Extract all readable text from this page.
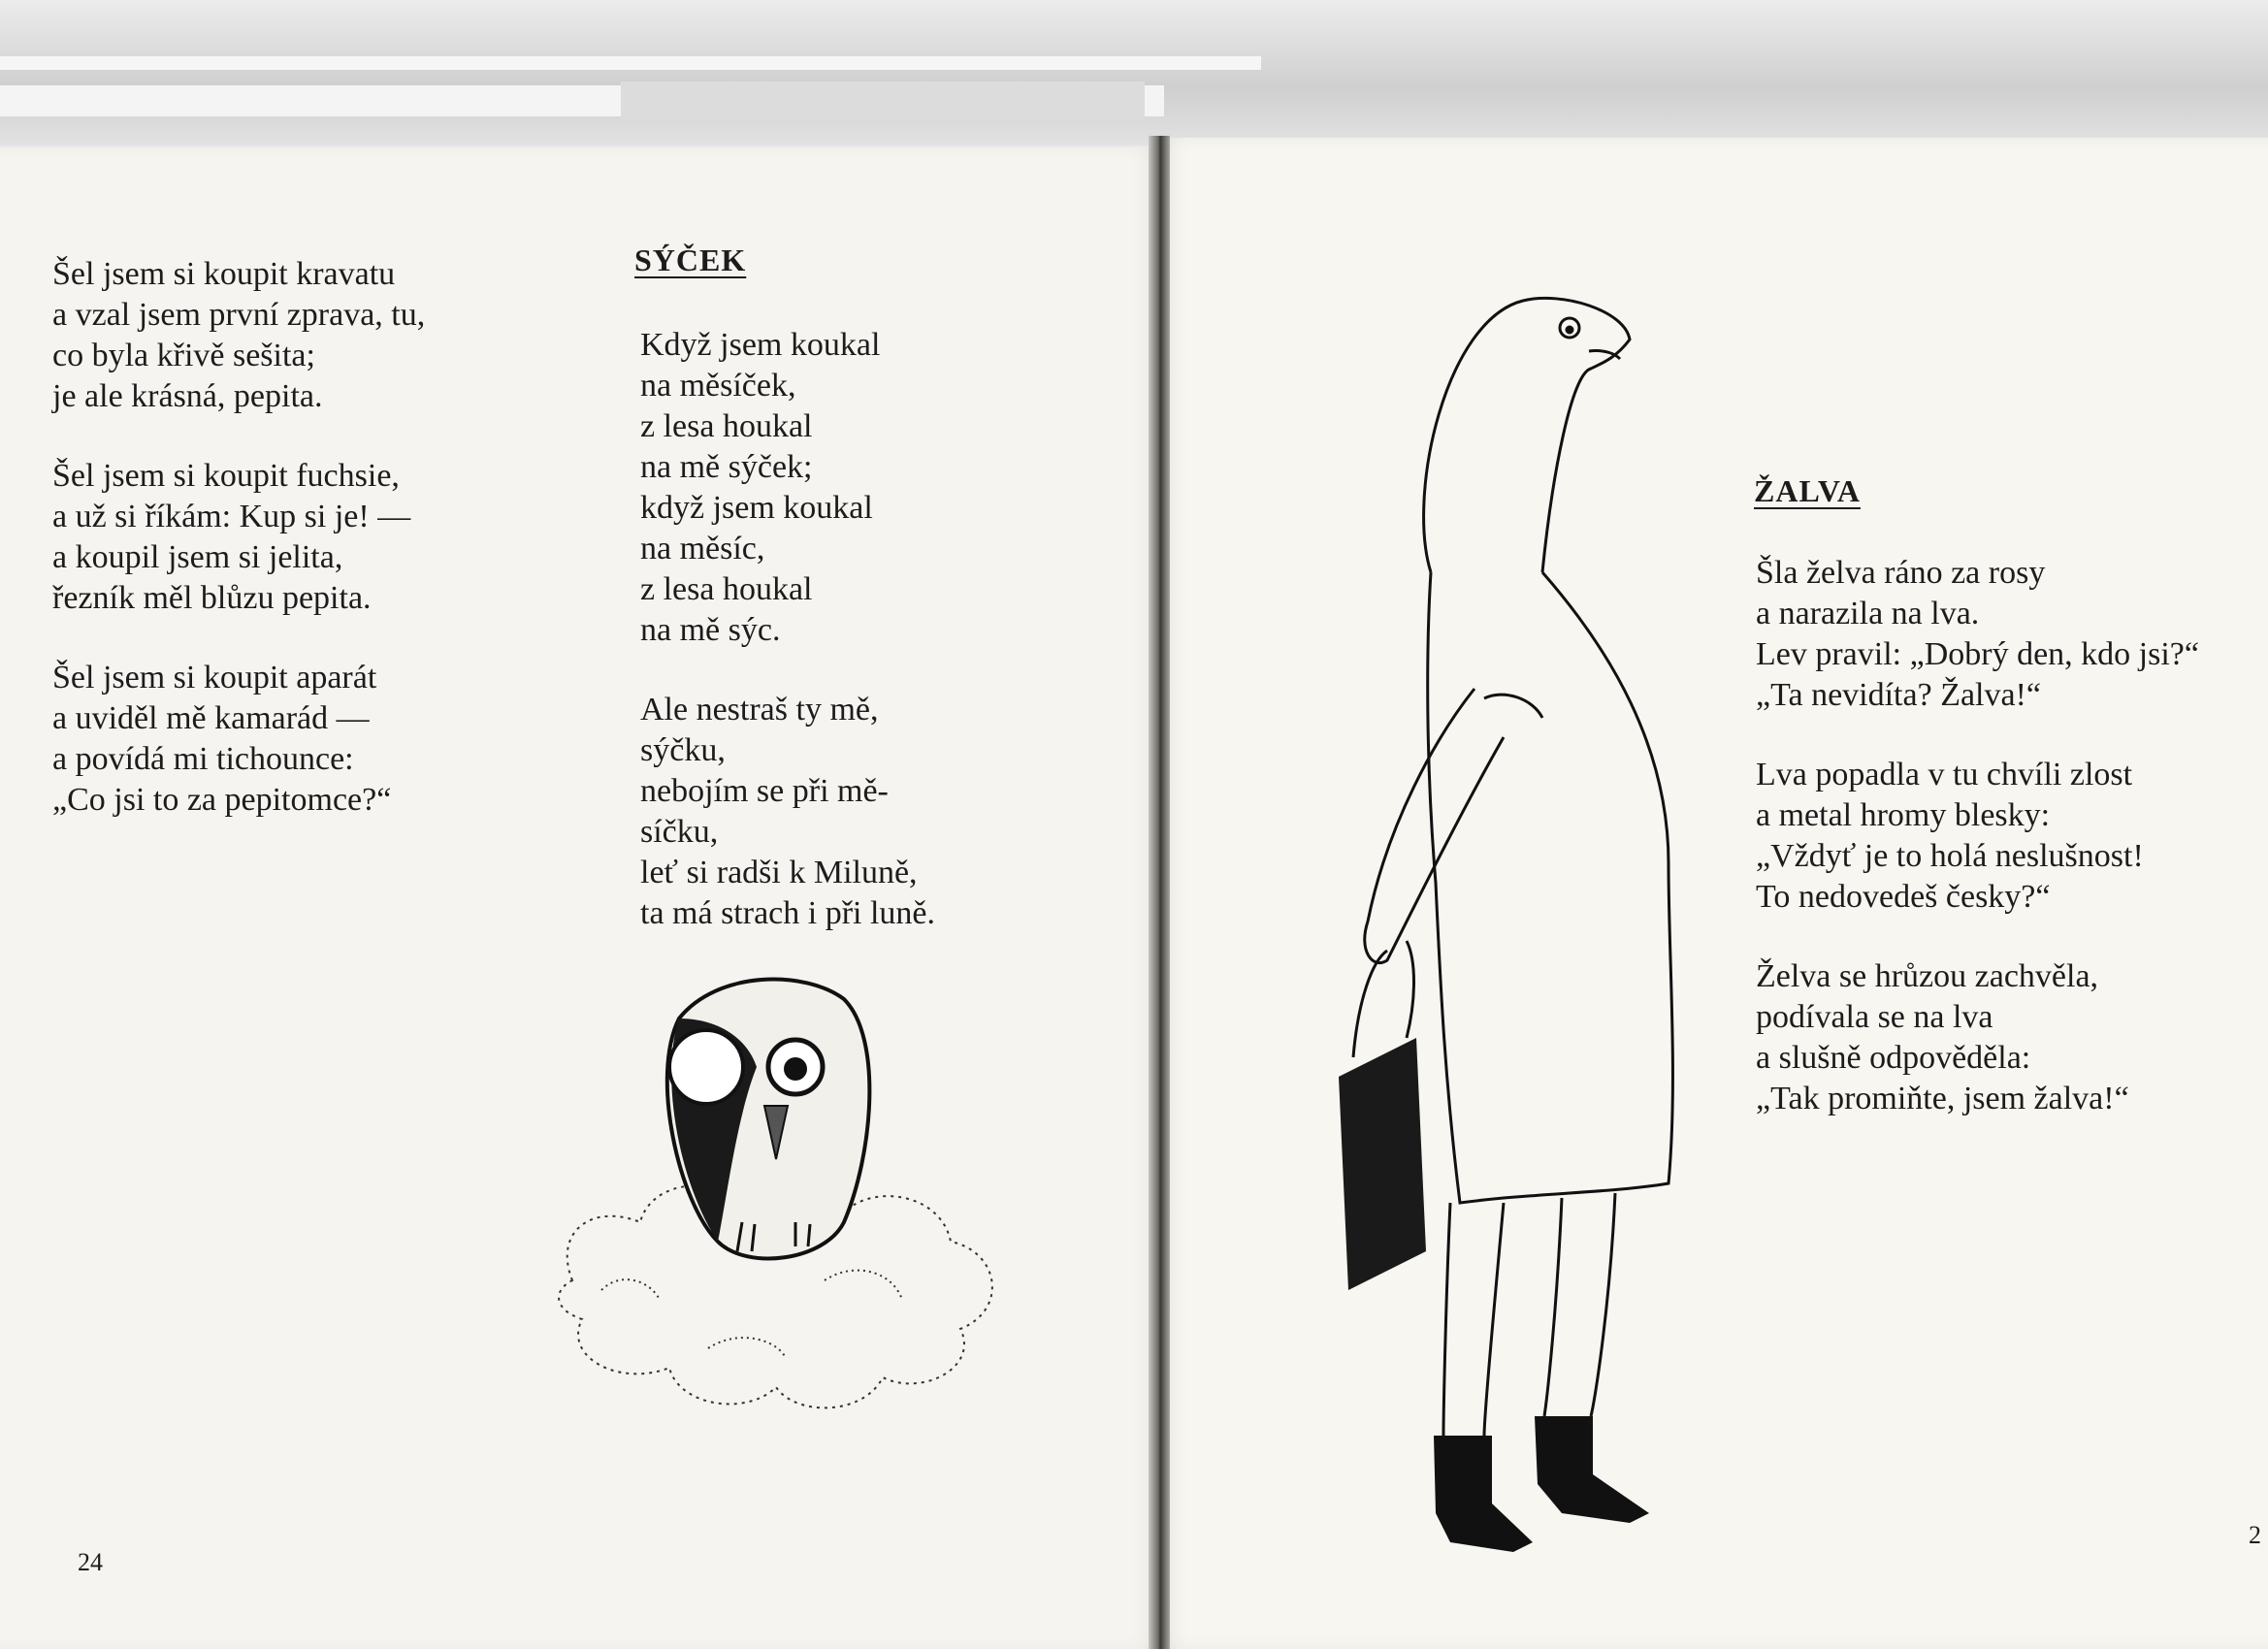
Šel jsem si koupit kravatu
a vzal jsem první zprava, tu,
co byla křivě sešita;
je ale krásná, pepita.
Šel jsem si koupit fuchsie,
a už si říkám: Kup si je! —
a koupil jsem si jelita,
řezník měl blůzu pepita.
Šel jsem si koupit aparát
a uviděl mě kamarád —
a povídá mi tichounce:
„Co jsi to za pepitomce?“
SÝČEK
Když jsem koukal
na měsíček,
z lesa houkal
na mě sýček;
když jsem koukal
na měsíc,
z lesa houkal
na mě sýc.
Ale nestraš ty mě,
sýčku,
nebojím se při mě-
síčku,
leť si radši k Miluně,
ta má strach i při luně.
24
ŽALVA
Šla želva ráno za rosy
a narazila na lva.
Lev pravil: „Dobrý den, kdo jsi?“
„Ta nevidíta? Žalva!“
Lva popadla v tu chvíli zlost
a metal hromy blesky:
„Vždyť je to holá neslušnost!
To nedovedeš česky?“
Želva se hrůzou zachvěla,
podívala se na lva
a slušně odpověděla:
„Tak promiňte, jsem žalva!“
2
